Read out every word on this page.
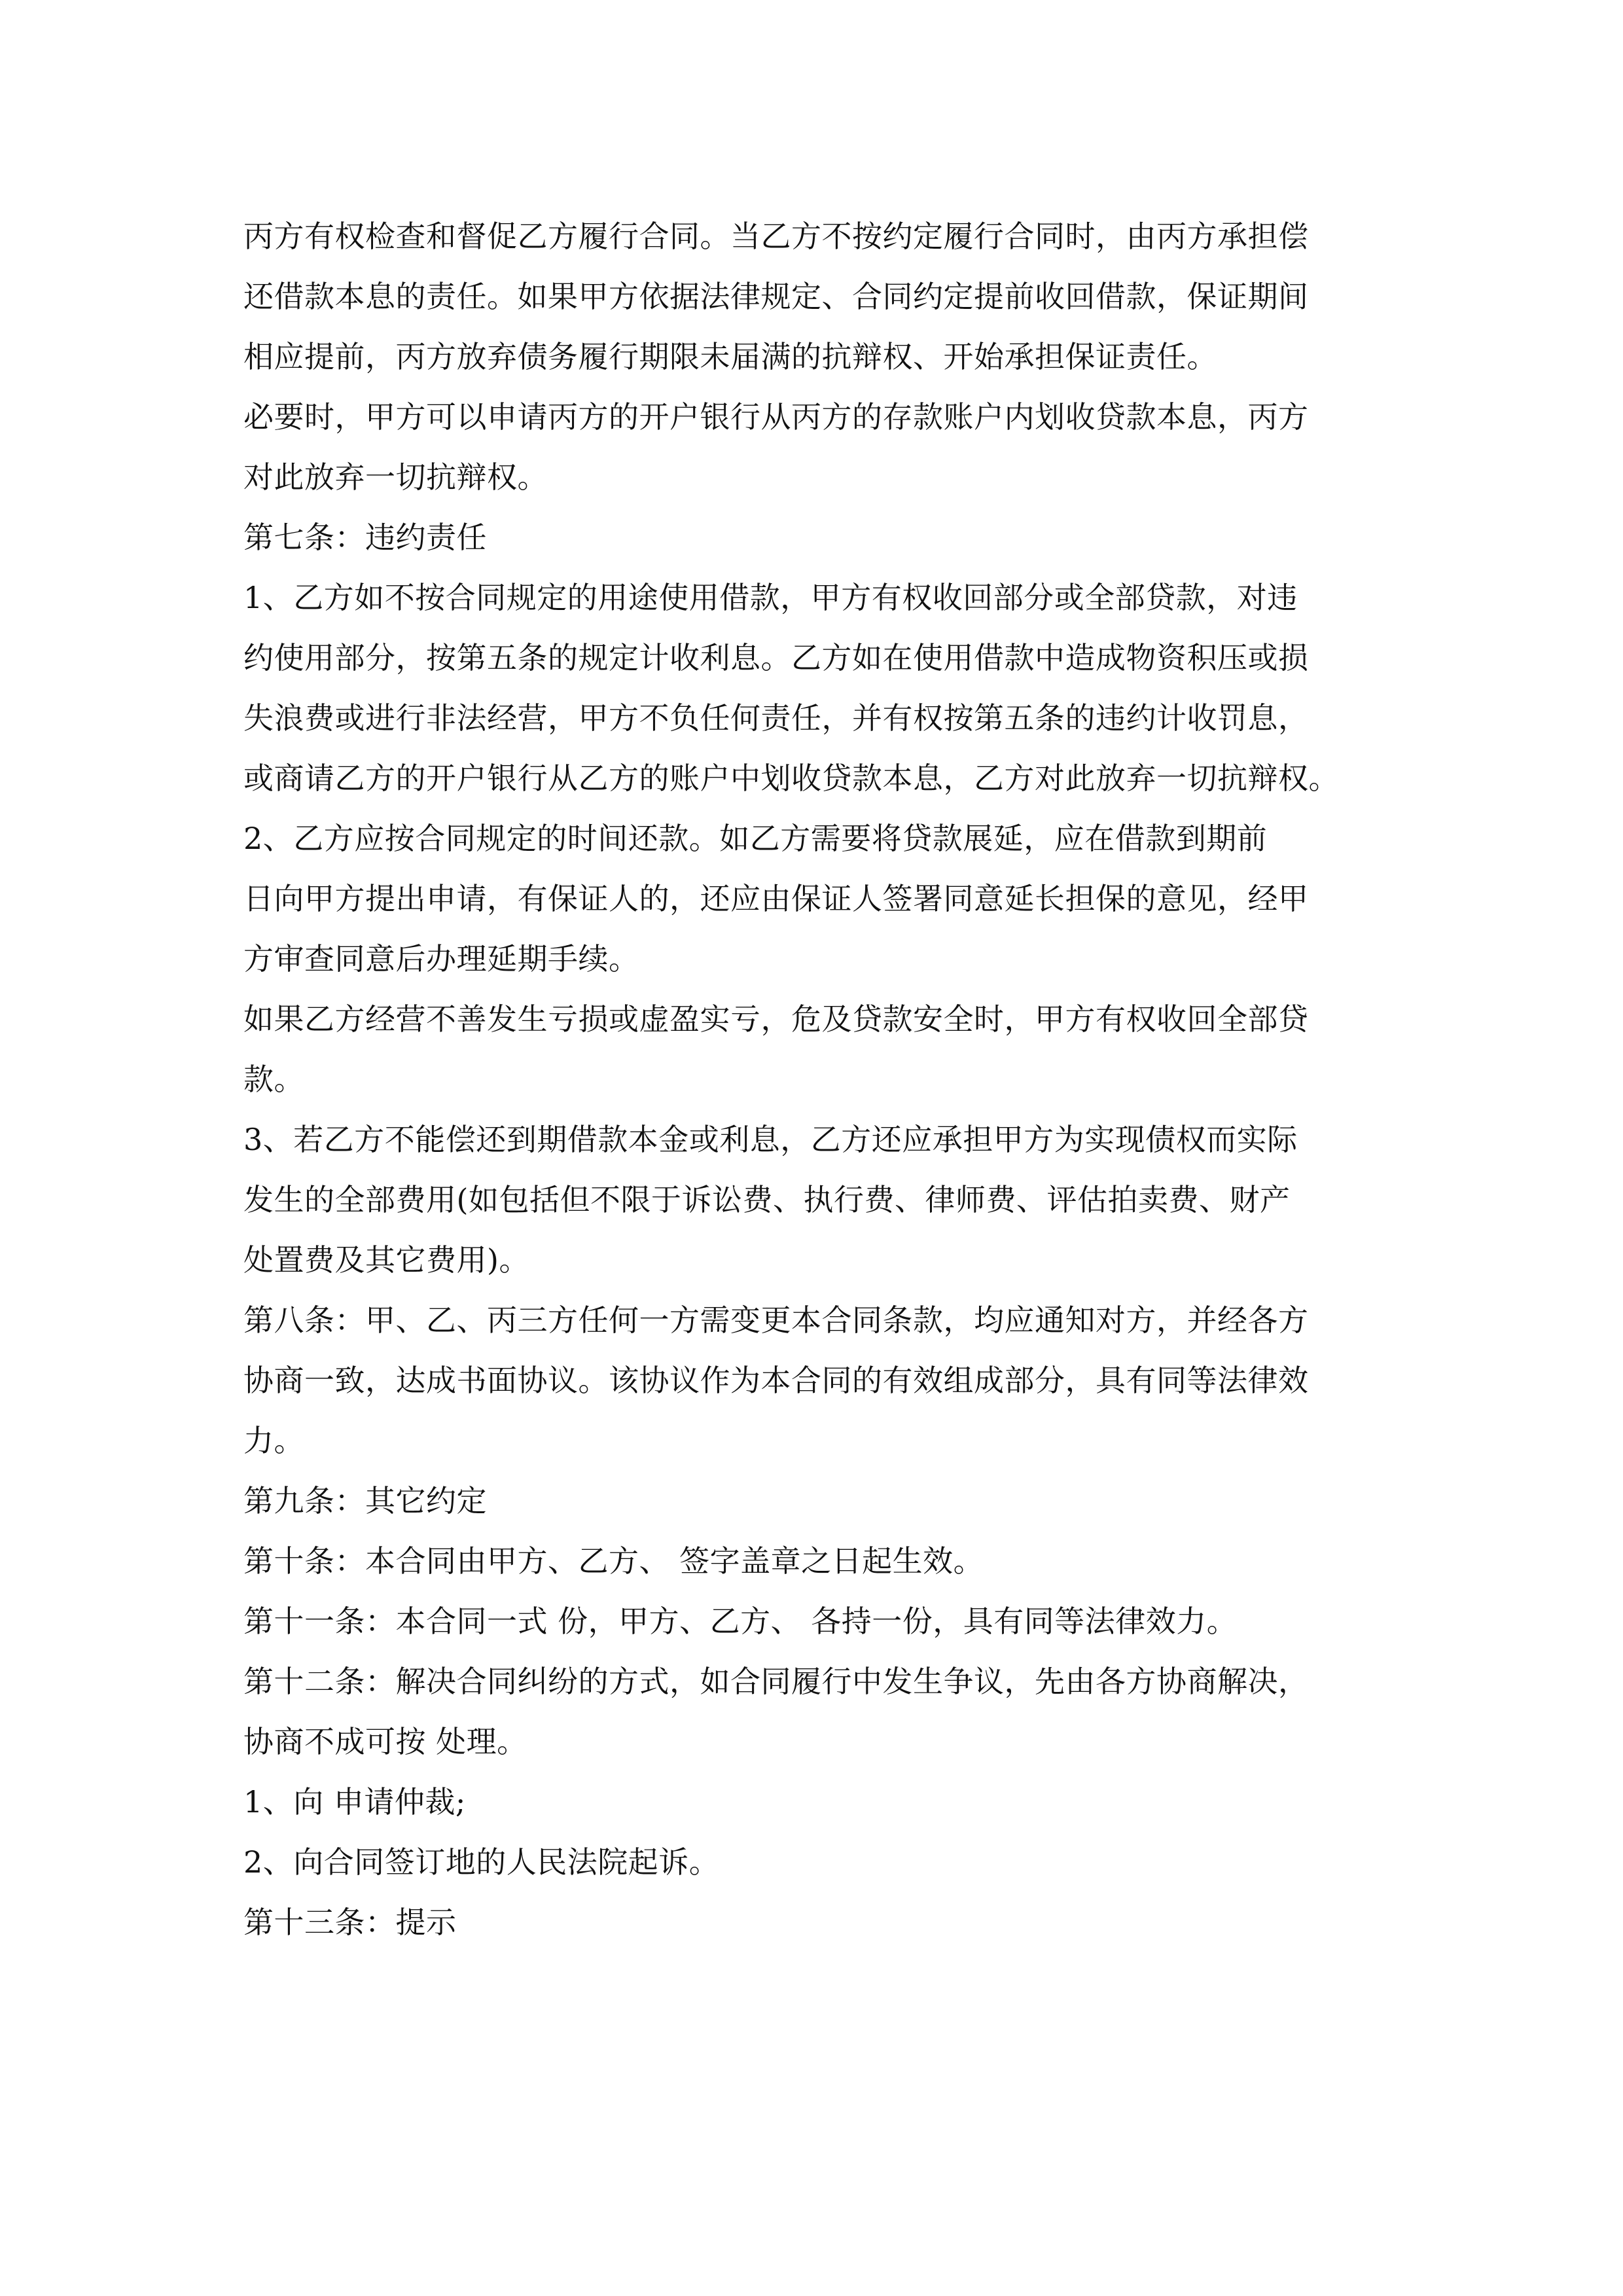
丙方有权检查和督促乙方履行合同。当乙方不按约定履行合同时，由丙方承担偿
还借款本息的责任。如果甲方依据法律规定、合同约定提前收回借款，保证期间
相应提前，丙方放弃债务履行期限未届满的抗辩权、开始承担保证责任。
必要时，甲方可以申请丙方的开户银行从丙方的存款账户内划收贷款本息，丙方
对此放弃一切抗辩权。
第七条：违约责任
1、乙方如不按合同规定的用途使用借款，甲方有权收回部分或全部贷款，对违
约使用部分，按第五条的规定计收利息。乙方如在使用借款中造成物资积压或损
失浪费或进行非法经营，甲方不负任何责任，并有权按第五条的违约计收罚息，
或商请乙方的开户银行从乙方的账户中划收贷款本息，乙方对此放弃一切抗辩权。
2、乙方应按合同规定的时间还款。如乙方需要将贷款展延，应在借款到期前
日向甲方提出申请，有保证人的，还应由保证人签署同意延长担保的意见，经甲
方审查同意后办理延期手续。
如果乙方经营不善发生亏损或虚盈实亏，危及贷款安全时，甲方有权收回全部贷
款。
3、若乙方不能偿还到期借款本金或利息，乙方还应承担甲方为实现债权而实际
发生的全部费用(如包括但不限于诉讼费、执行费、律师费、评估拍卖费、财产
处置费及其它费用)。
第八条：甲、乙、丙三方任何一方需变更本合同条款，均应通知对方，并经各方
协商一致，达成书面协议。该协议作为本合同的有效组成部分，具有同等法律效
力。
第九条：其它约定
第十条：本合同由甲方、乙方、 签字盖章之日起生效。
第十一条：本合同一式 份，甲方、乙方、 各持一份，具有同等法律效力。
第十二条：解决合同纠纷的方式，如合同履行中发生争议，先由各方协商解决，
协商不成可按 处理。
1、向 申请仲裁;
2、向合同签订地的人民法院起诉。
第十三条：提示
